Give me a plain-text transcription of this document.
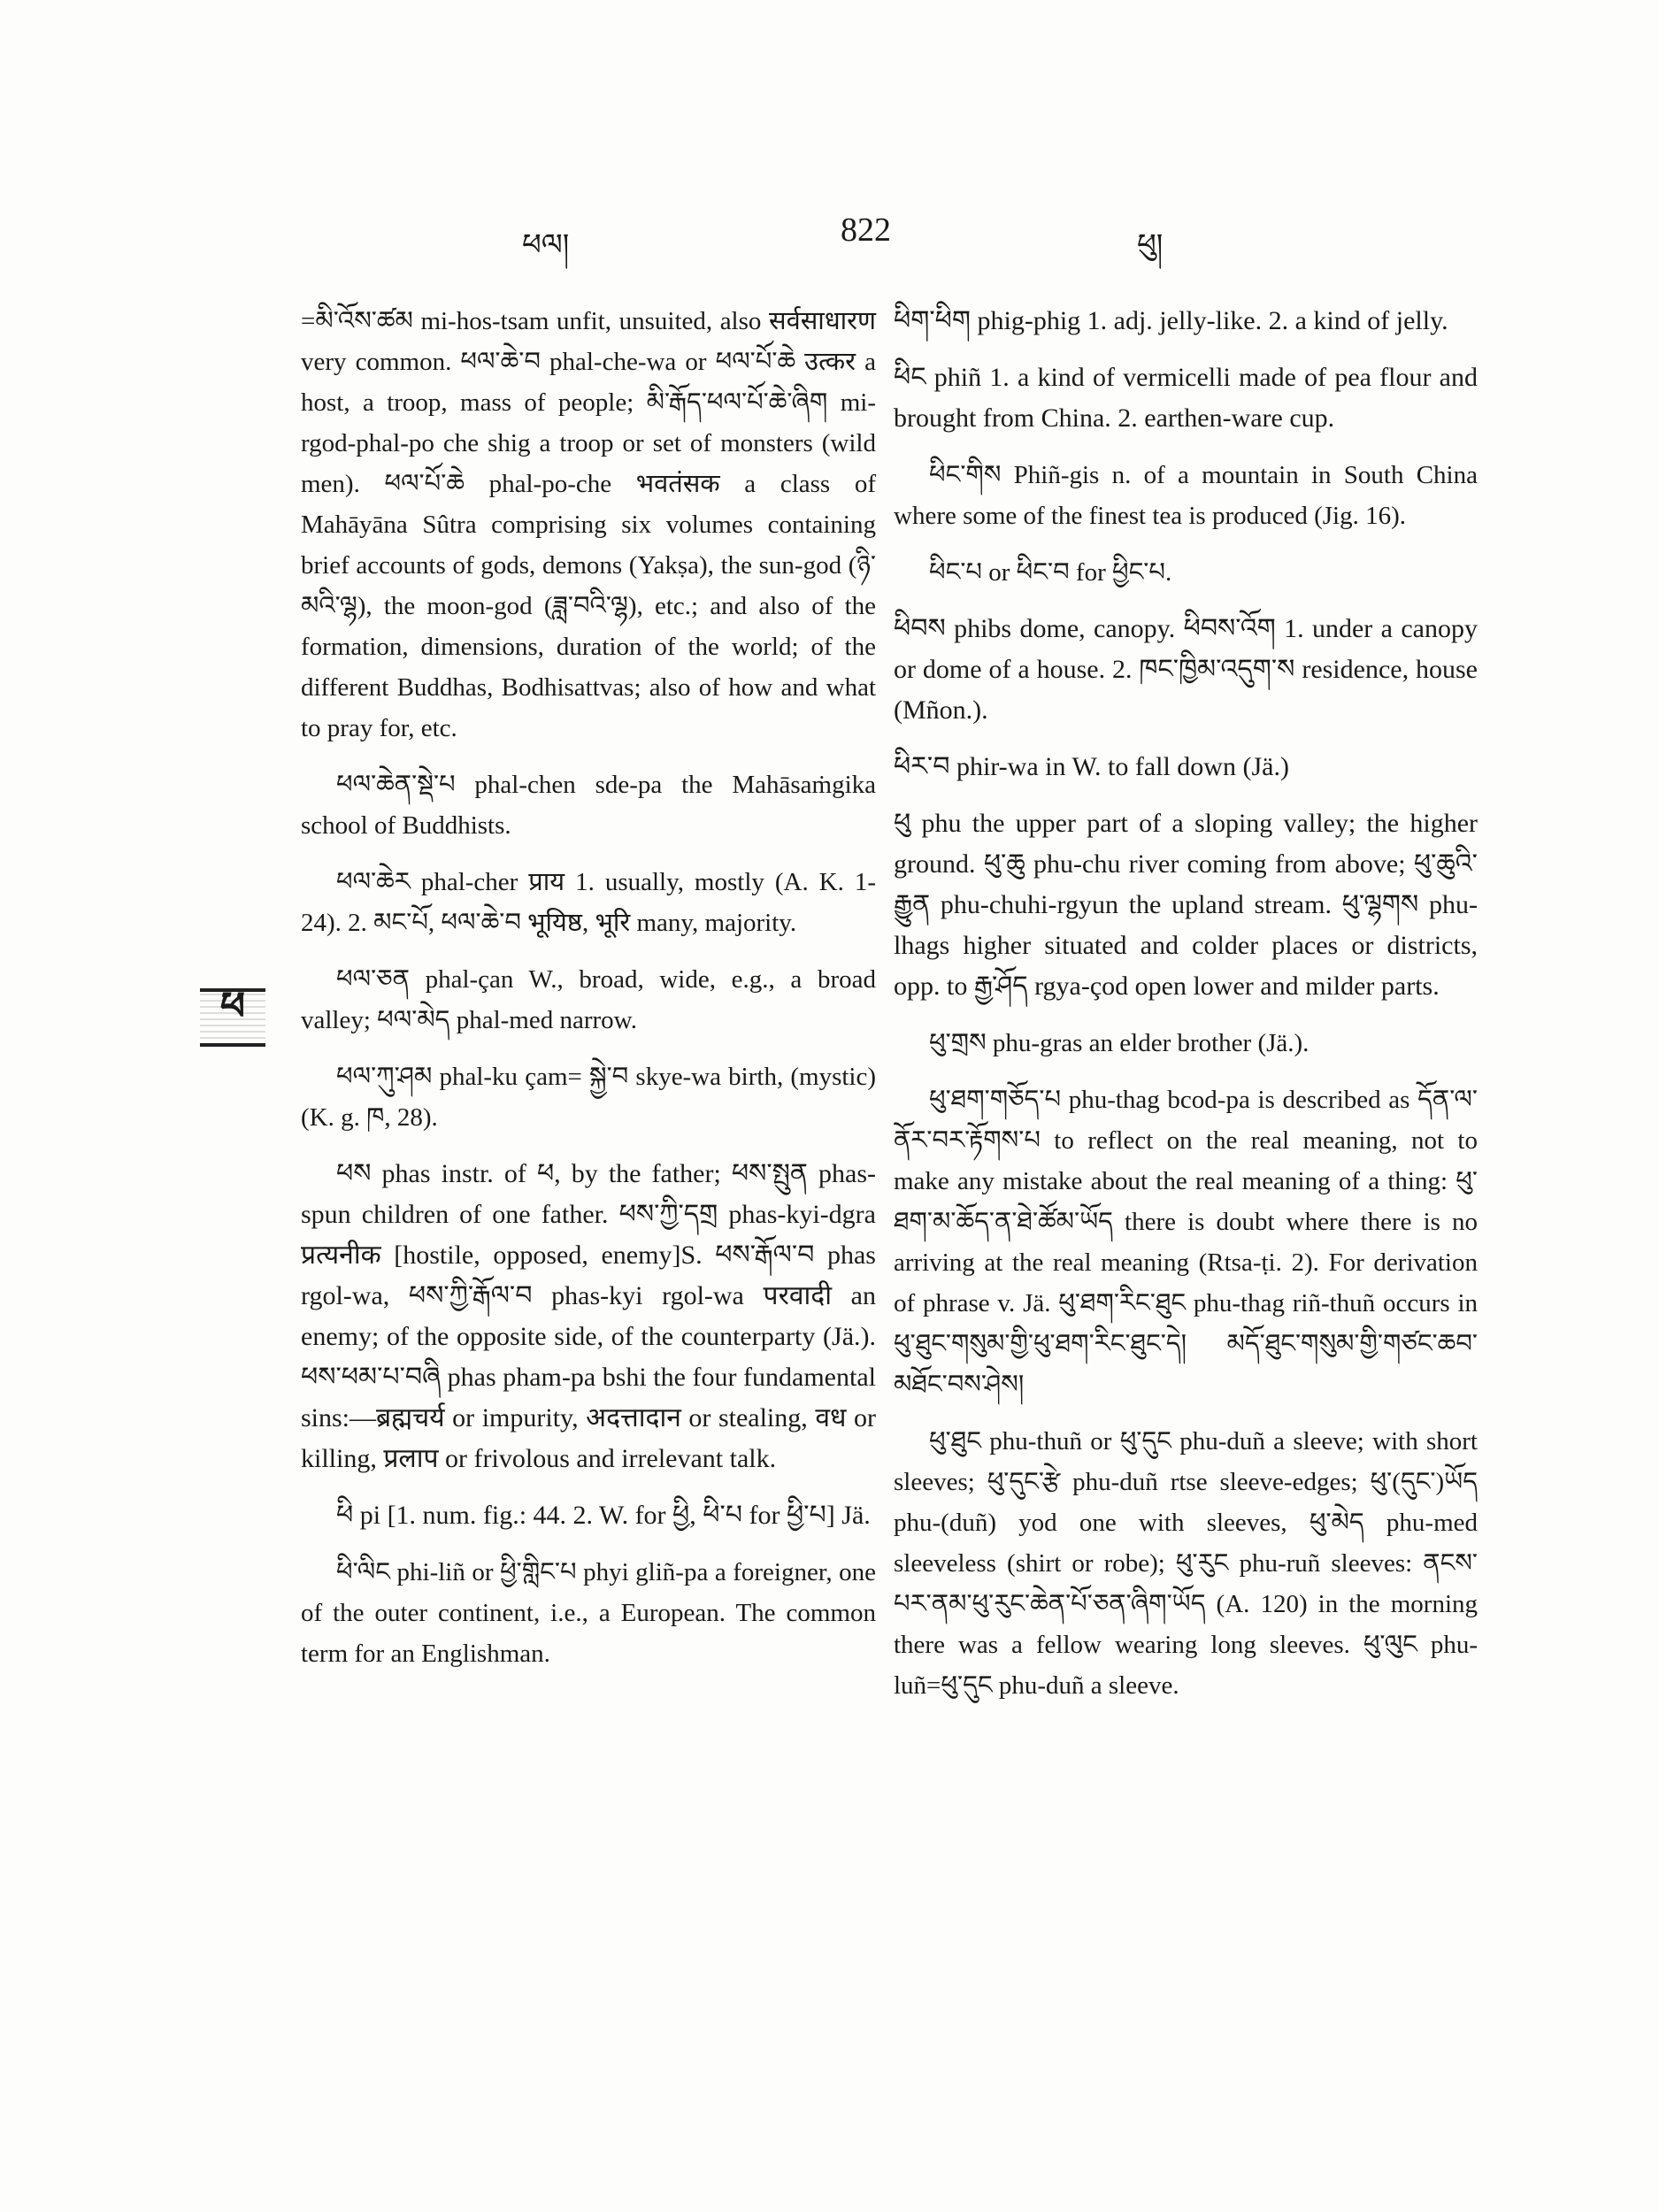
ཕལ།	822	ཕུ།
ཕ

=མི་འོས་ཚམ mi-hos-tsam unfit, unsuited, also सर्वसाधारण very common. ཕལ་ཆེ་བ phal-che-wa or ཕལ་པོ་ཆེ उत्कर a host, a troop, mass of people; མི་རྒོད་ཕལ་པོ་ཆེ་ཞིག mi-rgod-phal-po che shig a troop or set of monsters (wild men). ཕལ་པོ་ཆེ phal-po-che भवतंसक a class of Mahāyāna Sûtra comprising six volumes containing brief accounts of gods, demons (Yakṣa), the sun-god (ཉི་མའི་ལྷ), the moon-god (ཟླ་བའི་ལྷ), etc.; and also of the formation, dimensions, duration of the world; of the different Buddhas, Bodhisattvas; also of how and what to pray for, etc.

ཕལ་ཆེན་སྡེ་པ phal-chen sde-pa the Mahāsaṁgika school of Buddhists.

ཕལ་ཆེར phal-cher प्राय 1. usually, mostly (A. K. 1-24). 2. མང་པོ, ཕལ་ཆེ་བ भूयिष्ठ, भूरि many, majority.

ཕལ་ཅན phal-çan W., broad, wide, e.g., a broad valley; ཕལ་མེད phal-med narrow.

ཕལ་ཀུ་ཤམ phal-ku çam= སྐྱེ་བ skye-wa birth, (mystic) (K. g. ཁ, 28).

ཕས phas instr. of ཕ, by the father; ཕས་སྤུན phas-spun children of one father. ཕས་ཀྱི་དགྲ phas-kyi-dgra प्रत्यनीक [hostile, opposed, enemy]S. ཕས་རྒོལ་བ phas rgol-wa, ཕས་ཀྱི་རྒོལ་བ phas-kyi rgol-wa परवादी an enemy; of the opposite side, of the counterparty (Jä.). ཕས་ཕམ་པ་བཞི phas pham-pa bshi the four fundamental sins:—ब्रह्मचर्य or impurity, अदत्तादान or stealing, वध or killing, प्रलाप or frivolous and irrelevant talk.

ཕི pi [1. num. fig.: 44. 2. W. for ཕྱི, ཕི་པ for ཕྱི་པ] Jä.

ཕི་ལིང phi-liñ or ཕྱི་གླིང་པ phyi gliñ-pa a foreigner, one of the outer continent, i.e., a European. The common term for an Englishman.

ཕིག་ཕིག phig-phig 1. adj. jelly-like. 2. a kind of jelly.

ཕིང phiñ 1. a kind of vermicelli made of pea flour and brought from China. 2. earthen-ware cup.

ཕིང་གིས Phiñ-gis n. of a mountain in South China where some of the finest tea is produced (Jig. 16).

ཕིང་པ or ཕིང་བ for ཕྱིང་པ.

ཕིབས phibs dome, canopy. ཕིབས་འོག 1. under a canopy or dome of a house. 2. ཁང་ཁྱིམ་འདུག་ས residence, house (Mñon.).

ཕིར་བ phir-wa in W. to fall down (Jä.)

ཕུ phu the upper part of a sloping valley; the higher ground. ཕུ་ཆུ phu-chu river coming from above; ཕུ་ཆུའི་རྒྱུན phu-chuhi-rgyun the upland stream. ཕུ་ལྷགས phu-lhags higher situated and colder places or districts, opp. to རྒྱ་ཤོད rgya-çod open lower and milder parts.

ཕུ་གྲས phu-gras an elder brother (Jä.).

ཕུ་ཐག་གཅོད་པ phu-thag bcod-pa is described as དོན་ལ་ནོར་བར་རྟོགས་པ to reflect on the real meaning, not to make any mistake about the real meaning of a thing: ཕུ་ཐག་མ་ཆོད་ན་ཐེ་ཚོམ་ཡོད there is doubt where there is no arriving at the real meaning (Rtsa-ṭi. 2). For derivation of phrase v. Jä. ཕུ་ཐག་རིང་ཐུང phu-thag riñ-thuñ occurs in ཕུ་ཐུང་གསུམ་གྱི་ཕུ་ཐག་རིང་ཐུང་དེ། མདོ་ཐུང་གསུམ་གྱི་གཙང་ཆབ་མཐོང་བས་ཤེས།

ཕུ་ཐུང phu-thuñ or ཕུ་དུང phu-duñ a sleeve; with short sleeves; ཕུ་དུང་རྩེ phu-duñ rtse sleeve-edges; ཕུ་(དུང་)ཡོད phu-(duñ) yod one with sleeves, ཕུ་མེད phu-med sleeveless (shirt or robe); ཕུ་རུང phu-ruñ sleeves: ནངས་པར་ནམ་ཕུ་རུང་ཆེན་པོ་ཅན་ཞིག་ཡོད (A. 120) in the morning there was a fellow wearing long sleeves. ཕུ་ལུང phu-luñ=ཕུ་དུང phu-duñ a sleeve.
